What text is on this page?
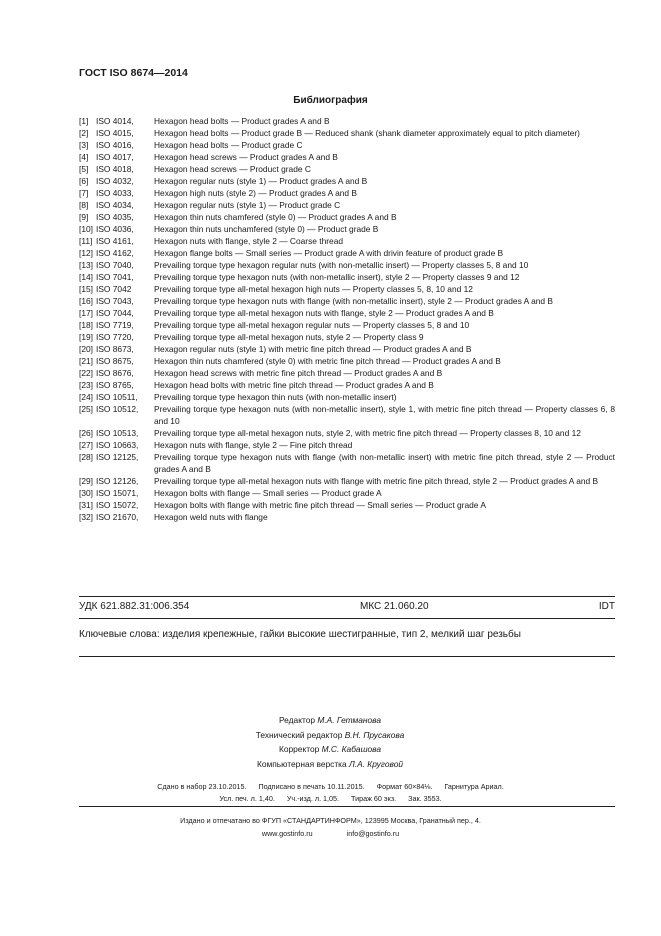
ГОСТ ISO 8674—2014
Библиография
[1] ISO 4014,	Hexagon head bolts — Product grades A and B
[2] ISO 4015,	Hexagon head bolts — Product grade B — Reduced shank (shank diameter approximately equal to pitch diameter)
[3] ISO 4016,	Hexagon head bolts — Product grade C
[4] ISO 4017,	Hexagon head screws — Product grades A and B
[5] ISO 4018,	Hexagon head screws — Product grade C
[6] ISO 4032,	Hexagon regular nuts (style 1) — Product grades A and B
[7] ISO 4033,	Hexagon high nuts (style 2) — Product grades A and B
[8] ISO 4034,	Hexagon regular nuts (style 1) — Product grade C
[9] ISO 4035,	Hexagon thin nuts chamfered (style 0) — Product grades A and B
[10] ISO 4036,	Hexagon thin nuts unchamfered (style 0) — Product grade B
[11] ISO 4161,	Hexagon nuts with flange, style 2 — Coarse thread
[12] ISO 4162,	Hexagon flange bolts — Small series — Product grade A with drivin feature of product grade B
[13] ISO 7040,	Prevailing torque type hexagon regular nuts (with non-metallic insert) — Property classes 5, 8 and 10
[14] ISO 7041,	Prevailing torque type hexagon nuts (with non-metallic insert), style 2 — Property classes 9 and 12
[15] ISO 7042	Prevailing torque type all-metal hexagon high nuts — Property classes 5, 8, 10 and 12
[16] ISO 7043,	Prevailing torque type hexagon nuts with flange (with non-metallic insert), style 2 — Product grades A and B
[17] ISO 7044,	Prevailing torque type all-metal hexagon nuts with flange, style 2 — Product grades A and B
[18] ISO 7719,	Prevailing torque type all-metal hexagon regular nuts — Property classes 5, 8 and 10
[19] ISO 7720,	Prevailing torque type all-metal hexagon nuts, style 2 — Property class 9
[20] ISO 8673,	Hexagon regular nuts (style 1) with metric fine pitch thread — Product grades A and B
[21] ISO 8675,	Hexagon thin nuts chamfered (style 0) with metric fine pitch thread — Product grades A and B
[22] ISO 8676,	Hexagon head screws with metric fine pitch thread — Product grades A and B
[23] ISO 8765,	Hexagon head bolts with metric fine pitch thread — Product grades A and B
[24] ISO 10511,	Prevailing torque type hexagon thin nuts (with non-metallic insert)
[25] ISO 10512,	Prevailing torque type hexagon nuts (with non-metallic insert), style 1, with metric fine pitch thread — Property classes 6, 8 and 10
[26] ISO 10513,	Prevailing torque type all-metal hexagon nuts, style 2, with metric fine pitch thread — Property classes 8, 10 and 12
[27] ISO 10663,	Hexagon nuts with flange, style 2 — Fine pitch thread
[28] ISO 12125,	Prevailing torque type hexagon nuts with flange (with non-metallic insert) with metric fine pitch thread, style 2 — Product grades A and B
[29] ISO 12126,	Prevailing torque type all-metal hexagon nuts with flange with metric fine pitch thread, style 2 — Product grades A and B
[30] ISO 15071,	Hexagon bolts with flange — Small series — Product grade A
[31] ISO 15072,	Hexagon bolts with flange with metric fine pitch thread — Small series — Product grade A
[32] ISO 21670,	Hexagon weld nuts with flange
УДК 621.882.31:006.354	МКС 21.060.20	IDT
Ключевые слова: изделия крепежные, гайки высокие шестигранные, тип 2, мелкий шаг резьбы
Редактор М.А. Гетманова
Технический редактор В.Н. Прусакова
Корректор М.С. Кабашова
Компьютерная верстка Л.А. Круговой
Сдано в набор 23.10.2015. Подписано в печать 10.11.2015. Формат 60×84⅛. Гарнитура Ариал.
Усл. печ. л. 1,40. Уч.-изд. л. 1,05. Тираж 60 экз. Зак. 3553.
Издано и отпечатано во ФГУП «СТАНДАРТИНФОРМ», 123995 Москва, Гранатный пер., 4.
www.gostinfo.ru	info@gostinfo.ru
